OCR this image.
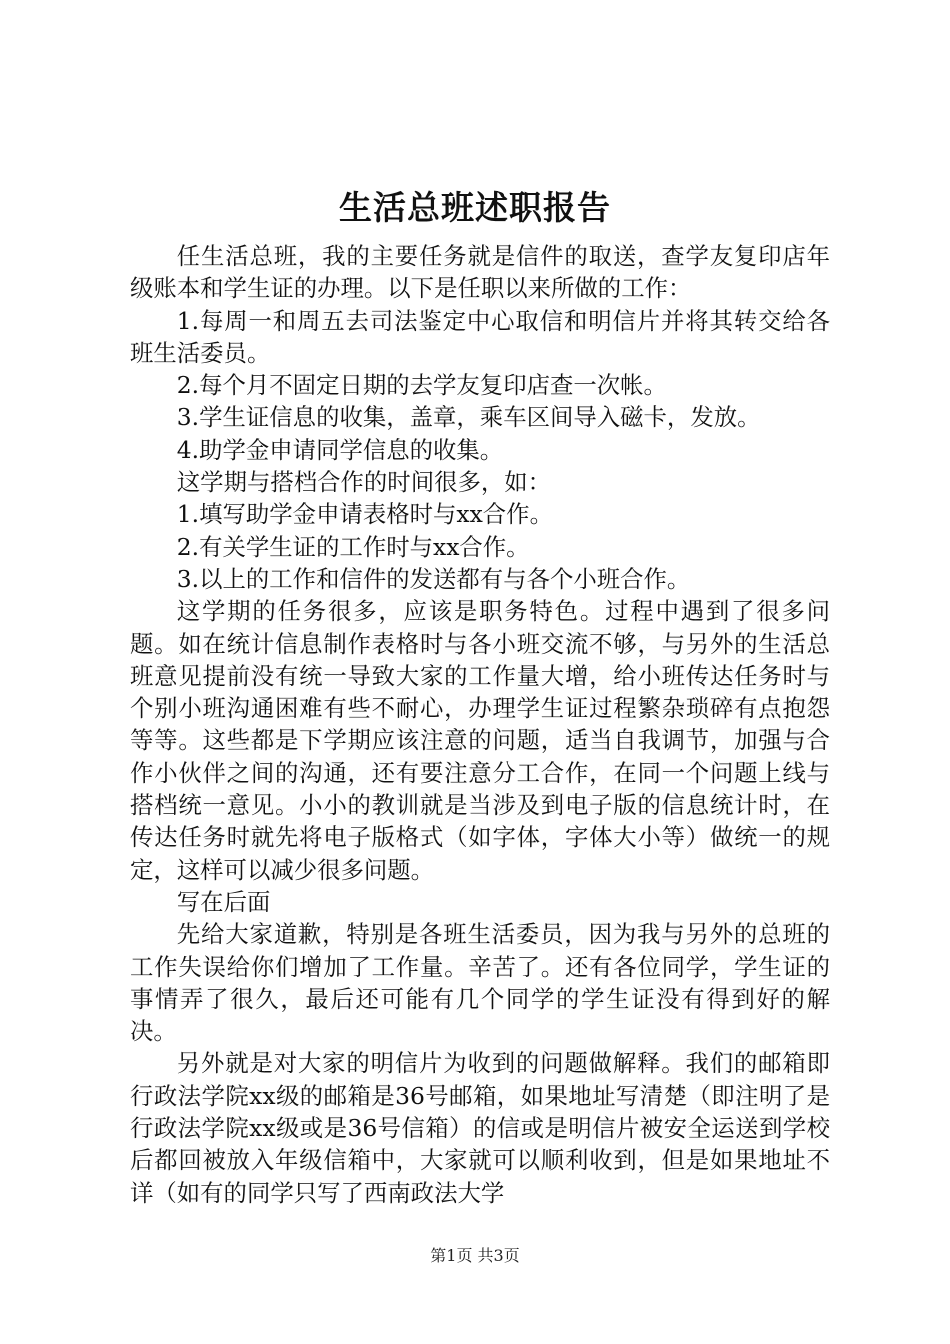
生活总班述职报告

任生活总班，我的主要任务就是信件的取送，查学友复印店年级账本和学生证的办理。以下是任职以来所做的工作：

1.每周一和周五去司法鉴定中心取信和明信片并将其转交给各班生活委员。

2.每个月不固定日期的去学友复印店查一次帐。

3.学生证信息的收集，盖章，乘车区间导入磁卡，发放。

4.助学金申请同学信息的收集。

这学期与搭档合作的时间很多，如：

1.填写助学金申请表格时与xx合作。

2.有关学生证的工作时与xx合作。

3.以上的工作和信件的发送都有与各个小班合作。

这学期的任务很多，应该是职务特色。过程中遇到了很多问题。如在统计信息制作表格时与各小班交流不够，与另外的生活总班意见提前没有统一导致大家的工作量大增，给小班传达任务时与个别小班沟通困难有些不耐心，办理学生证过程繁杂琐碎有点抱怨等等。这些都是下学期应该注意的问题，适当自我调节，加强与合作小伙伴之间的沟通，还有要注意分工合作，在同一个问题上线与搭档统一意见。小小的教训就是当涉及到电子版的信息统计时，在传达任务时就先将电子版格式（如字体，字体大小等）做统一的规定，这样可以减少很多问题。

写在后面

先给大家道歉，特别是各班生活委员，因为我与另外的总班的工作失误给你们增加了工作量。辛苦了。还有各位同学，学生证的事情弄了很久，最后还可能有几个同学的学生证没有得到好的解决。

另外就是对大家的明信片为收到的问题做解释。我们的邮箱即行政法学院xx级的邮箱是36号邮箱，如果地址写清楚（即注明了是行政法学院xx级或是36号信箱）的信或是明信片被安全运送到学校后都回被放入年级信箱中，大家就可以顺利收到，但是如果地址不详（如有的同学只写了西南政法大学

第1页 共3页
